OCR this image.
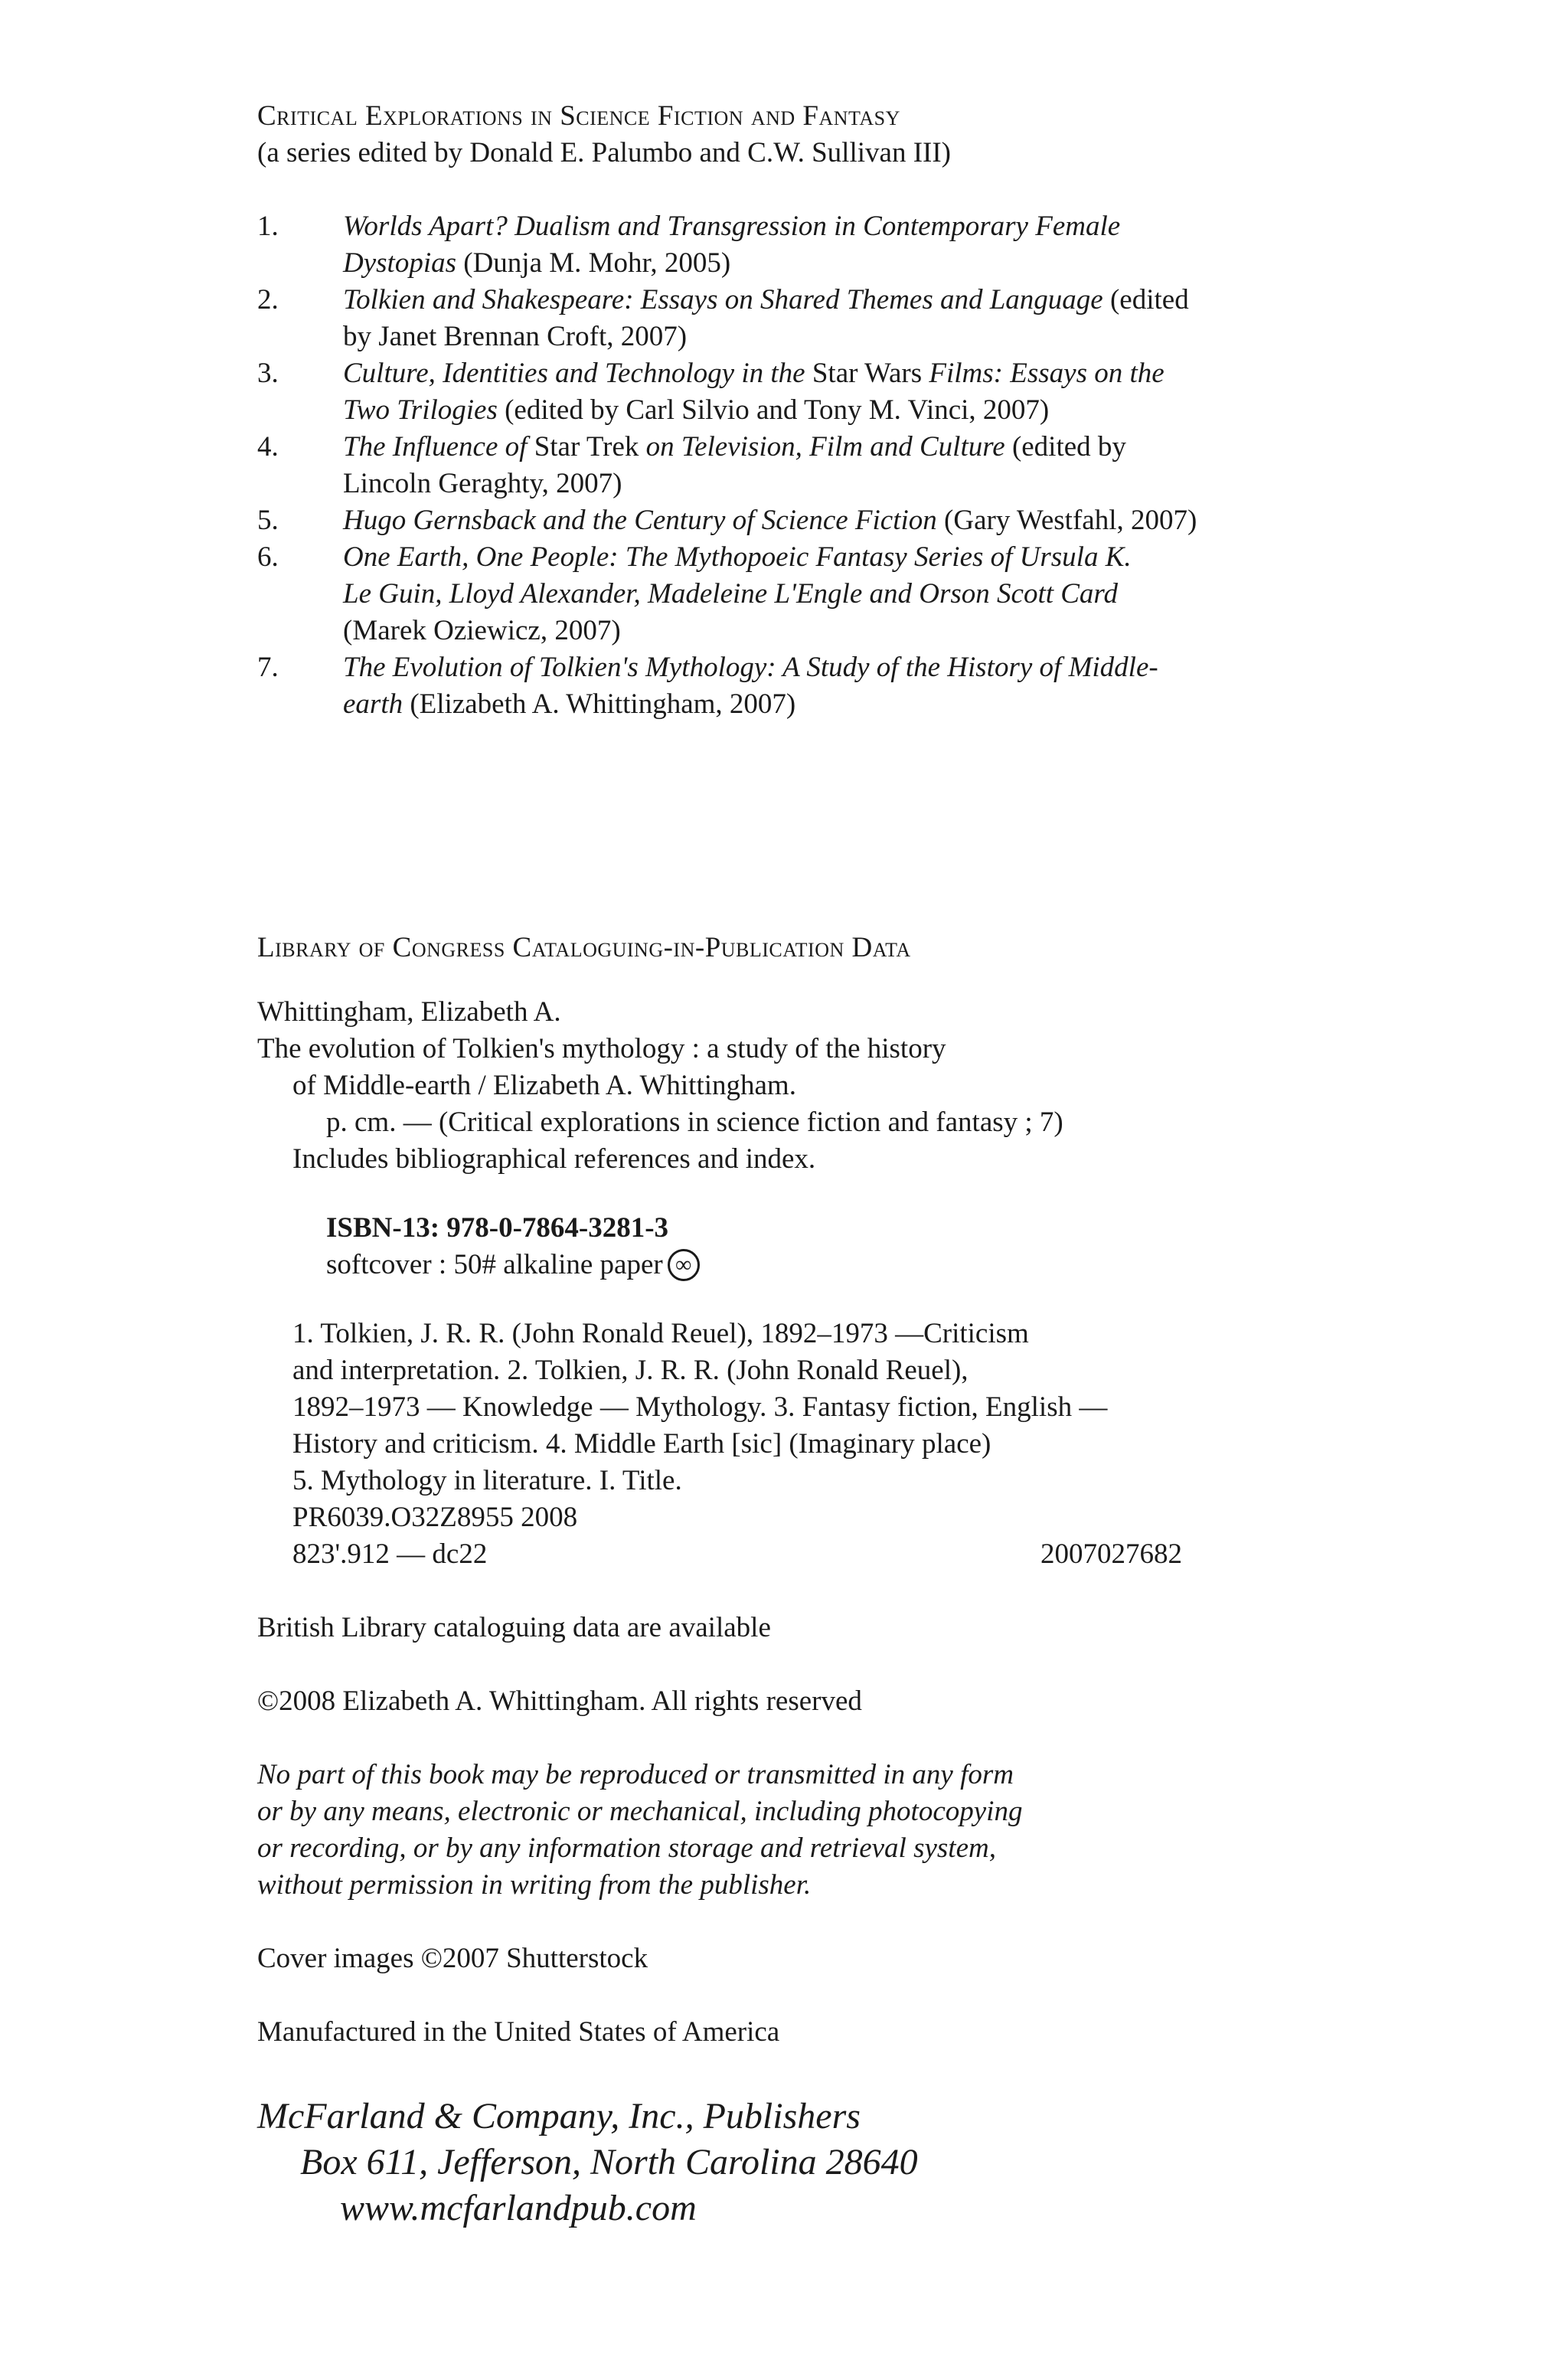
Critical Explorations in Science Fiction and Fantasy

(a series edited by Donald E. Palumbo and C.W. Sullivan III)

1.	Worlds Apart? Dualism and Transgression in Contemporary Female
Dystopias (Dunja M. Mohr, 2005)
2.	Tolkien and Shakespeare: Essays on Shared Themes and Language (edited
by Janet Brennan Croft, 2007)
3.	Culture, Identities and Technology in the Star Wars Films: Essays on the
Two Trilogies (edited by Carl Silvio and Tony M. Vinci, 2007)
4.	The Influence of Star Trek on Television, Film and Culture (edited by
Lincoln Geraghty, 2007)
5.	Hugo Gernsback and the Century of Science Fiction (Gary Westfahl, 2007)
6.	One Earth, One People: The Mythopoeic Fantasy Series of Ursula K.
Le Guin, Lloyd Alexander, Madeleine L'Engle and Orson Scott Card
(Marek Oziewicz, 2007)
7.	The Evolution of Tolkien's Mythology: A Study of the History of Middle-
earth (Elizabeth A. Whittingham, 2007)

Library of Congress Cataloguing-in-Publication Data

Whittingham, Elizabeth A.

The evolution of Tolkien's mythology : a study of the history

of Middle-earth / Elizabeth A. Whittingham.

p. cm. — (Critical explorations in science fiction and fantasy ; 7)

Includes bibliographical references and index.

ISBN-13: 978-0-7864-3281-3

softcover : 50# alkaline paper ∞

1. Tolkien, J. R. R. (John Ronald Reuel), 1892–1973 —Criticism

and interpretation. 2. Tolkien, J. R. R. (John Ronald Reuel),

1892–1973 — Knowledge — Mythology. 3. Fantasy fiction, English —

History and criticism. 4. Middle Earth [sic] (Imaginary place)

5. Mythology in literature. I. Title.

PR6039.O32Z8955 2008

823'.912 — dc22	2007027682

British Library cataloguing data are available

©2008 Elizabeth A. Whittingham. All rights reserved

No part of this book may be reproduced or transmitted in any form

or by any means, electronic or mechanical, including photocopying

or recording, or by any information storage and retrieval system,

without permission in writing from the publisher.

Cover images ©2007 Shutterstock

Manufactured in the United States of America

McFarland & Company, Inc., Publishers

Box 611, Jefferson, North Carolina 28640

www.mcfarlandpub.com
